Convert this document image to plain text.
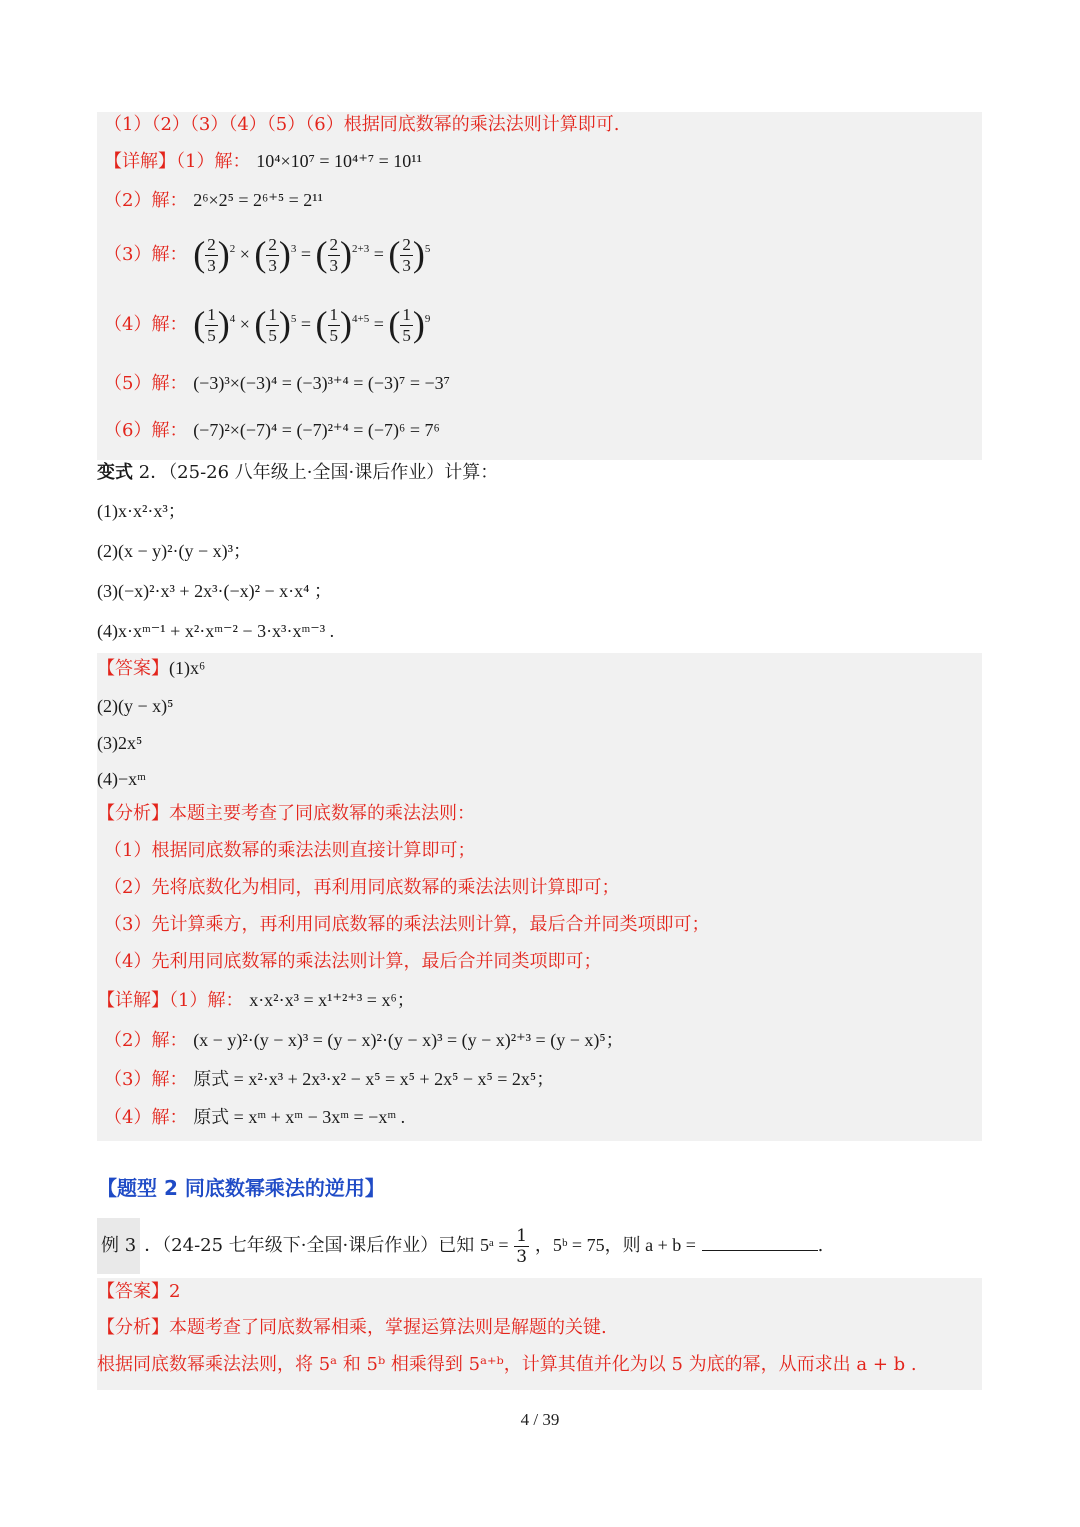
（1）（2）（3）（4）（5）（6）根据同底数幂的乘法法则计算即可.
【详解】（1）解： 10⁴×10⁷ = 10⁴⁺⁷ = 10¹¹
（2）解： 2⁶×2⁵ = 2⁶⁺⁵ = 2¹¹
（3）解： ( $\frac{2}{3} )^2$ × ( $\frac{2}{3} )^3$ = ( $\frac{2}{3} )^{2+3}$ = ( $\frac{2}{3} )^5$
（4）解： ( $\frac{1}{5} )^4$ × ( $\frac{1}{5} )^5$ = ( $\frac{1}{5} )^{4+5}$ = ( $\frac{1}{5} )^9$
（5）解： (−3)³×(−3)⁴ = (−3)³⁺⁴ = (−3)⁷ = −3⁷
（6）解： (−7)²×(−7)⁴ = (−7)²⁺⁴ = (−7)⁶ = 7⁶
变式 2．（25-26 八年级上·全国·课后作业）计算：
(1)x·x²·x³；
(2)(x − y)²·(y − x)³；
(3)(−x)²·x³ + 2x³·(−x)² − x·x⁴ ；
(4)x·xᵐ⁻¹ + x²·xᵐ⁻² − 3·x³·xᵐ⁻³ .
【答案】(1)x⁶
(2)(y − x)⁵
(3)2x⁵
(4)−xᵐ
【分析】本题主要考查了同底数幂的乘法法则：
（1）根据同底数幂的乘法法则直接计算即可；
（2）先将底数化为相同，再利用同底数幂的乘法法则计算即可；
（3）先计算乘方，再利用同底数幂的乘法法则计算，最后合并同类项即可；
（4）先利用同底数幂的乘法法则计算，最后合并同类项即可；
【详解】（1）解： x·x²·x³ = x¹⁺²⁺³ = x⁶；
（2）解： (x − y)²·(y − x)³ = (y − x)²·(y − x)³ = (y − x)²⁺³ = (y − x)⁵；
（3）解： 原式 = x²·x³ + 2x³·x² − x⁵ = x⁵ + 2x⁵ − x⁵ = 2x⁵；
（4）解： 原式 = xᵐ + xᵐ − 3xᵐ = −xᵐ .
【题型 2 同底数幂乘法的逆用】
例 3 ．（24-25 七年级下·全国·课后作业）已知 5ᵃ = $\frac{1}{3}$ ，5ᵇ = 75，则 a + b =	.
【答案】2
【分析】本题考查了同底数幂相乘，掌握运算法则是解题的关键.
根据同底数幂乘法法则，将 5ᵃ 和 5ᵇ 相乘得到 5ᵃ⁺ᵇ，计算其值并化为以 5 为底的幂，从而求出 a + b .
4 / 39
